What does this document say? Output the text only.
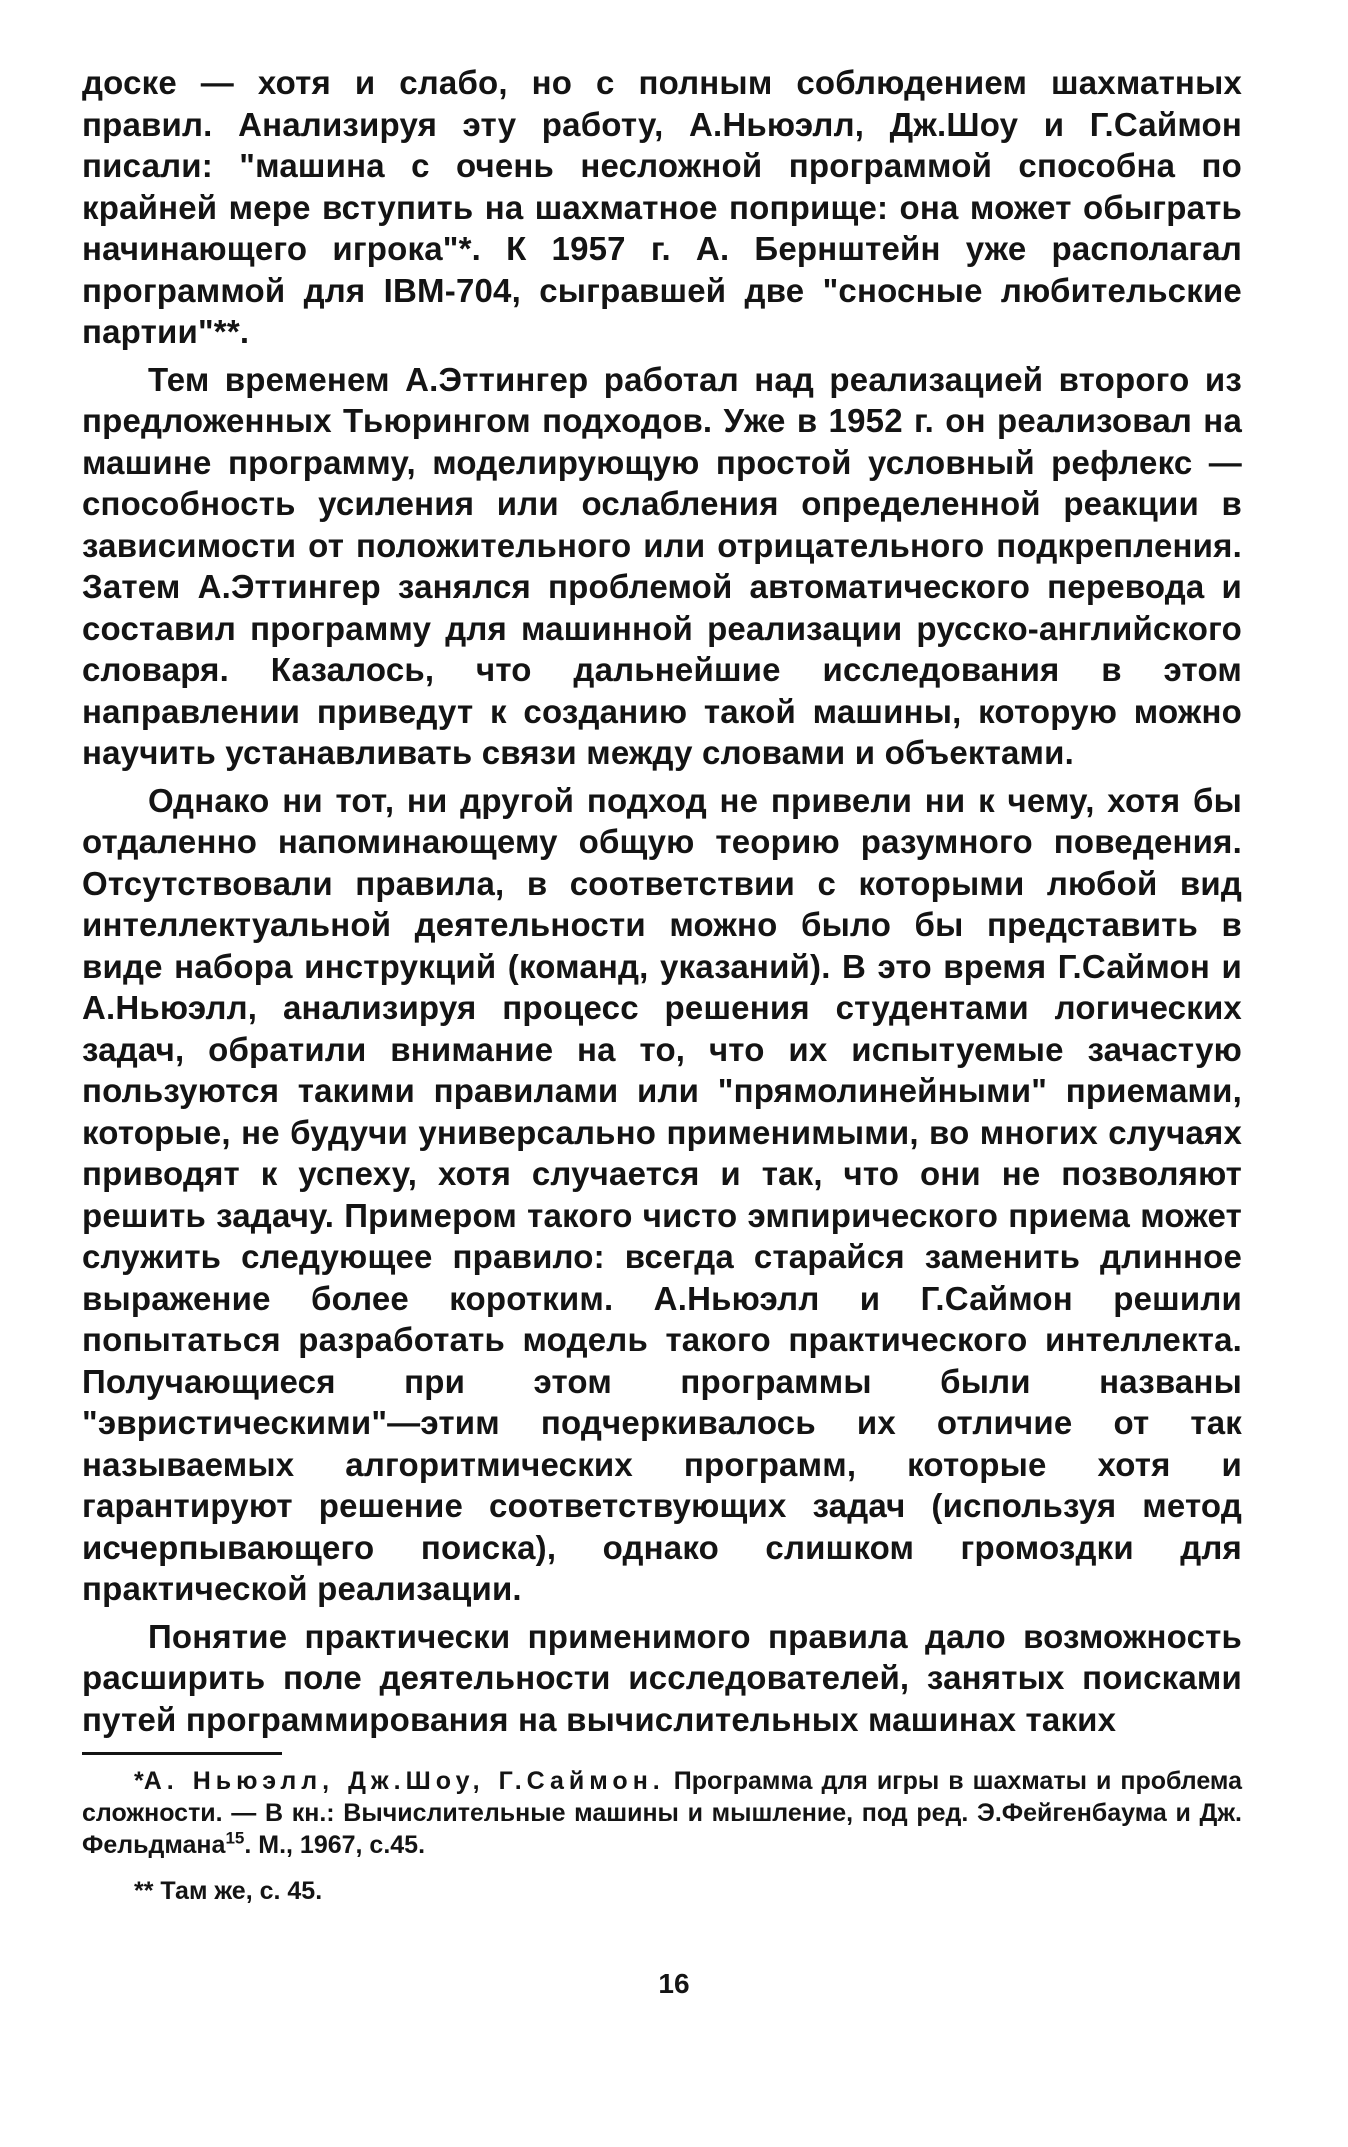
доске — хотя и слабо, но с полным соблюдением шахматных правил. Анализируя эту работу, А.Ньюэлл, Дж.Шоу и Г.Саймон писали: "машина с очень несложной программой способна по крайней мере вступить на шахматное поприще: она может обыграть начинающего игрока"*. К 1957 г. А. Бернштейн уже располагал программой для IBM-704, сыгравшей две "сносные любительские партии"**.

Тем временем А.Эттингер работал над реализацией второго из предложенных Тьюрингом подходов. Уже в 1952 г. он реализовал на машине программу, моделирующую простой условный рефлекс — способность усиления или ослабления определенной реакции в зависимости от положительного или отрицательного подкрепления. Затем А.Эттингер занялся проблемой автоматического перевода и составил программу для машинной реализации русско-английского словаря. Казалось, что дальнейшие исследования в этом направлении приведут к созданию такой машины, которую можно научить устанавливать связи между словами и объектами.

Однако ни тот, ни другой подход не привели ни к чему, хотя бы отдаленно напоминающему общую теорию разумного поведения. Отсутствовали правила, в соответствии с которыми любой вид интеллектуальной деятельности можно было бы представить в виде набора инструкций (команд, указаний). В это время Г.Саймон и А.Ньюэлл, анализируя процесс решения студентами логических задач, обратили внимание на то, что их испытуемые зачастую пользуются такими правилами или "прямолинейными" приемами, которые, не будучи универсально применимыми, во многих случаях приводят к успеху, хотя случается и так, что они не позволяют решить задачу. Примером такого чисто эмпирического приема может служить следующее правило: всегда старайся заменить длинное выражение более коротким. А.Ньюэлл и Г.Саймон решили попытаться разработать модель такого практического интеллекта. Получающиеся при этом программы были названы "эвристическими"—этим подчеркивалось их отличие от так называемых алгоритмических программ, которые хотя и гарантируют решение соответствующих задач (используя метод исчерпывающего поиска), однако слишком громоздки для практической реализации.

Понятие практически применимого правила дало возможность расширить поле деятельности исследователей, занятых поисками путей программирования на вычислительных машинах таких

*А. Ньюэлл, Дж.Шоу, Г.Саймон. Программа для игры в шахматы и проблема сложности. — В кн.: Вычислительные машины и мышление, под ред. Э.Фейгенбаума и Дж. Фельдмана$^{15}$. М., 1967, с.45.

** Там же, с. 45.

16
